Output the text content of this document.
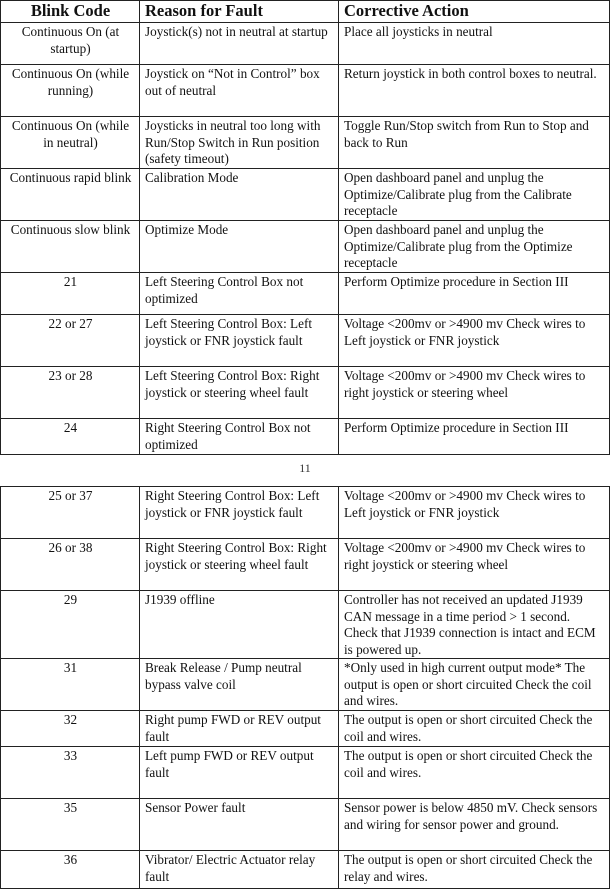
Blink Code	Reason for Fault	Corrective Action
Continuous On (at startup)	Joystick(s) not in neutral at startup	Place all joysticks in neutral
Continuous On (while running)	Joystick on “Not in Control” box out of neutral	Return joystick in both control boxes to neutral.
Continuous On (while in neutral)	Joysticks in neutral too long with Run/Stop Switch in Run position (safety timeout)	Toggle Run/Stop switch from Run to Stop and back to Run
Continuous rapid blink	Calibration Mode	Open dashboard panel and unplug the Optimize/Calibrate plug from the Calibrate receptacle
Continuous slow blink	Optimize Mode	Open dashboard panel and unplug the Optimize/Calibrate plug from the Optimize receptacle
21	Left Steering Control Box not optimized	Perform Optimize procedure in Section III
22 or 27	Left Steering Control Box: Left joystick or FNR joystick fault	Voltage <200mv or >4900 mv Check wires to Left joystick or FNR joystick
23 or 28	Left Steering Control Box: Right joystick or steering wheel fault	Voltage <200mv or >4900 mv Check wires to right joystick or steering wheel
24	Right Steering Control Box not optimized	Perform Optimize procedure in Section III
11
25 or 37	Right Steering Control Box: Left joystick or FNR joystick fault	Voltage <200mv or >4900 mv Check wires to Left joystick or FNR joystick
26 or 38	Right Steering Control Box: Right joystick or steering wheel fault	Voltage <200mv or >4900 mv Check wires to right joystick or steering wheel
29	J1939 offline	Controller has not received an updated J1939 CAN message in a time period > 1 second. Check that J1939 connection is intact and ECM is powered up.
31	Break Release / Pump neutral bypass valve coil	*Only used in high current output mode* The output is open or short circuited Check the coil and wires.
32	Right pump FWD or REV output fault	The output is open or short circuited Check the coil and wires.
33	Left pump FWD or REV output fault	The output is open or short circuited Check the coil and wires.
35	Sensor Power fault	Sensor power is below 4850 mV. Check sensors and wiring for sensor power and ground.
36	Vibrator/ Electric Actuator relay fault	The output is open or short circuited Check the relay and wires.
